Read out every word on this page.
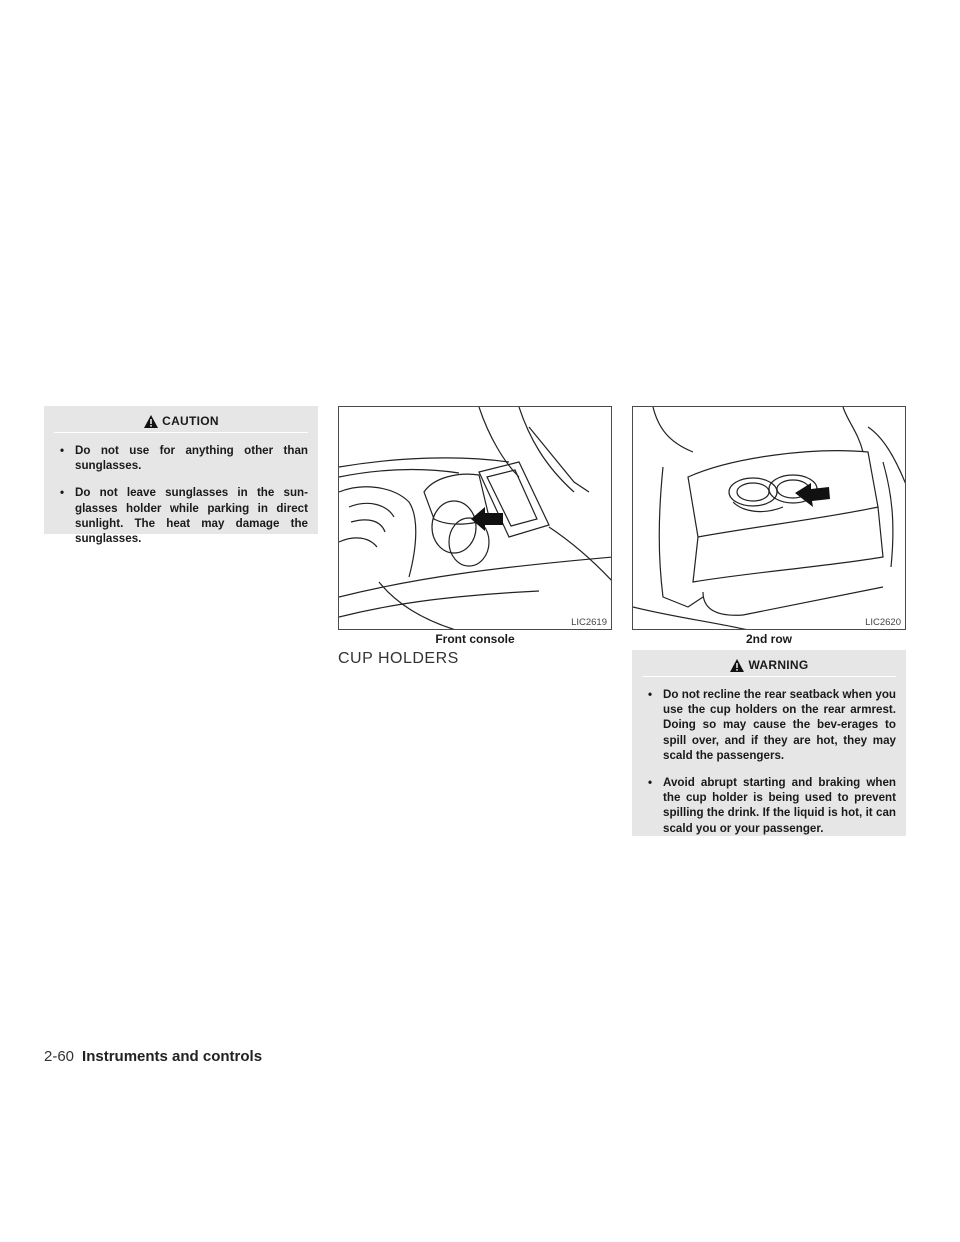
CAUTION
• Do not use for anything other than sunglasses.
• Do not leave sunglasses in the sun-glasses holder while parking in direct sunlight. The heat may damage the sunglasses.
LIC2619
Front console
LIC2620
2nd row
CUP HOLDERS	WARNING
• Do not recline the rear seatback when you use the cup holders on the rear armrest. Doing so may cause the bev-erages to spill over, and if they are hot, they may scald the passengers.
• Avoid abrupt starting and braking when the cup holder is being used to prevent spilling the drink. If the liquid is hot, it can scald you or your passenger.
2-60 Instruments and controls
